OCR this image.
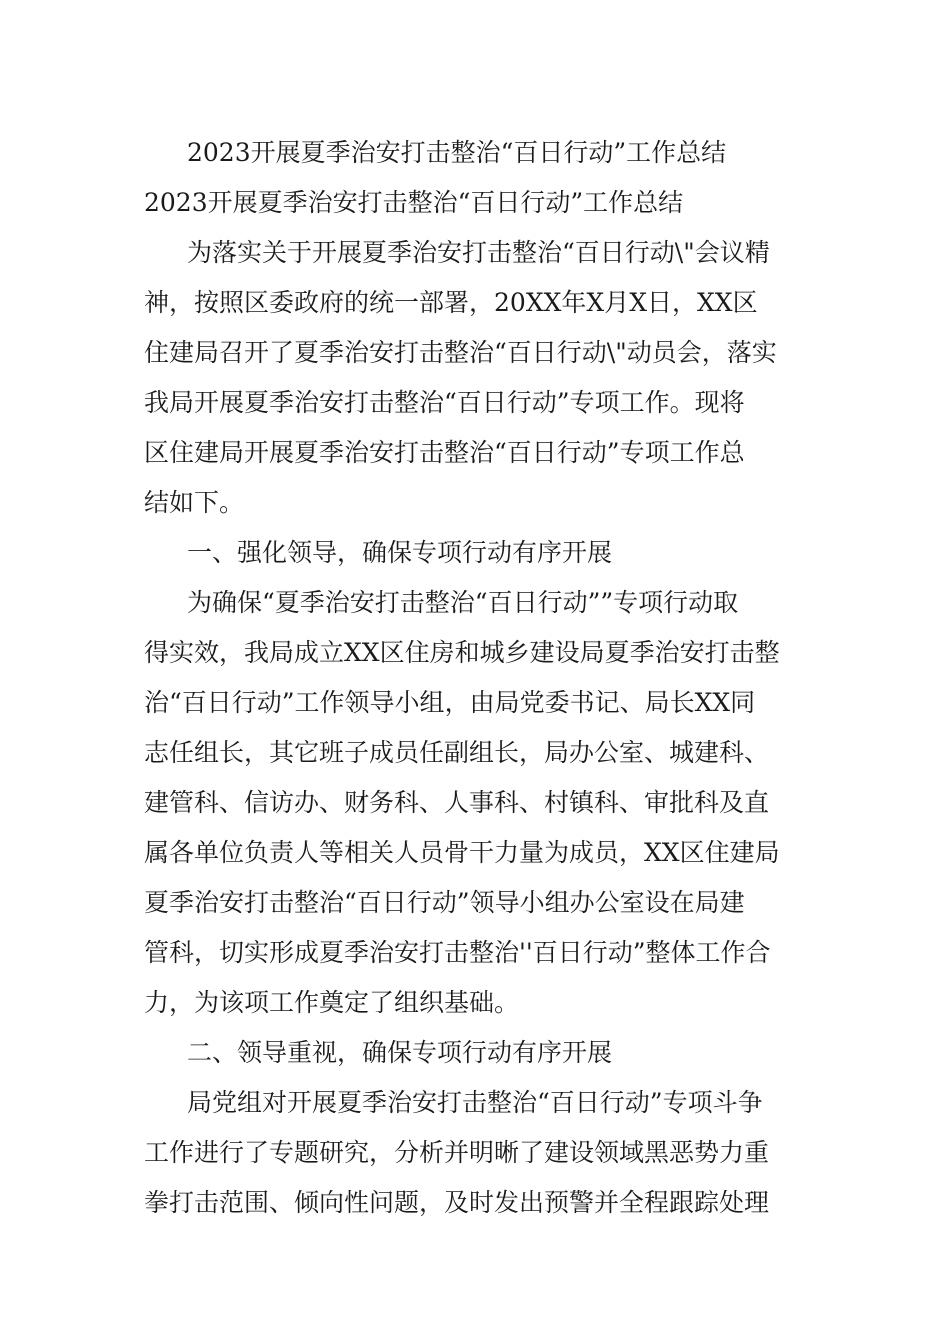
2023开展夏季治安打击整治“百日行动”工作总结

2023开展夏季治安打击整治“百日行动”工作总结

为落实关于开展夏季治安打击整治“百日行动\"会议精

神，按照区委政府的统一部署，20XX年X月X日，XX区

住建局召开了夏季治安打击整治“百日行动\"动员会，落实

我局开展夏季治安打击整治“百日行动”专项工作。现将

区住建局开展夏季治安打击整治“百日行动”专项工作总

结如下。

一、强化领导，确保专项行动有序开展

为确保“夏季治安打击整治“百日行动””专项行动取

得实效，我局成立XX区住房和城乡建设局夏季治安打击整

治“百日行动”工作领导小组，由局党委书记、局长XX同

志任组长，其它班子成员任副组长，局办公室、城建科、

建管科、信访办、财务科、人事科、村镇科、审批科及直

属各单位负责人等相关人员骨干力量为成员，XX区住建局

夏季治安打击整治“百日行动”领导小组办公室设在局建

管科，切实形成夏季治安打击整治''百日行动”整体工作合

力，为该项工作奠定了组织基础。

二、领导重视，确保专项行动有序开展

局党组对开展夏季治安打击整治“百日行动”专项斗争

工作进行了专题研究，分析并明晰了建设领域黑恶势力重

拳打击范围、倾向性问题，及时发出预警并全程跟踪处理
